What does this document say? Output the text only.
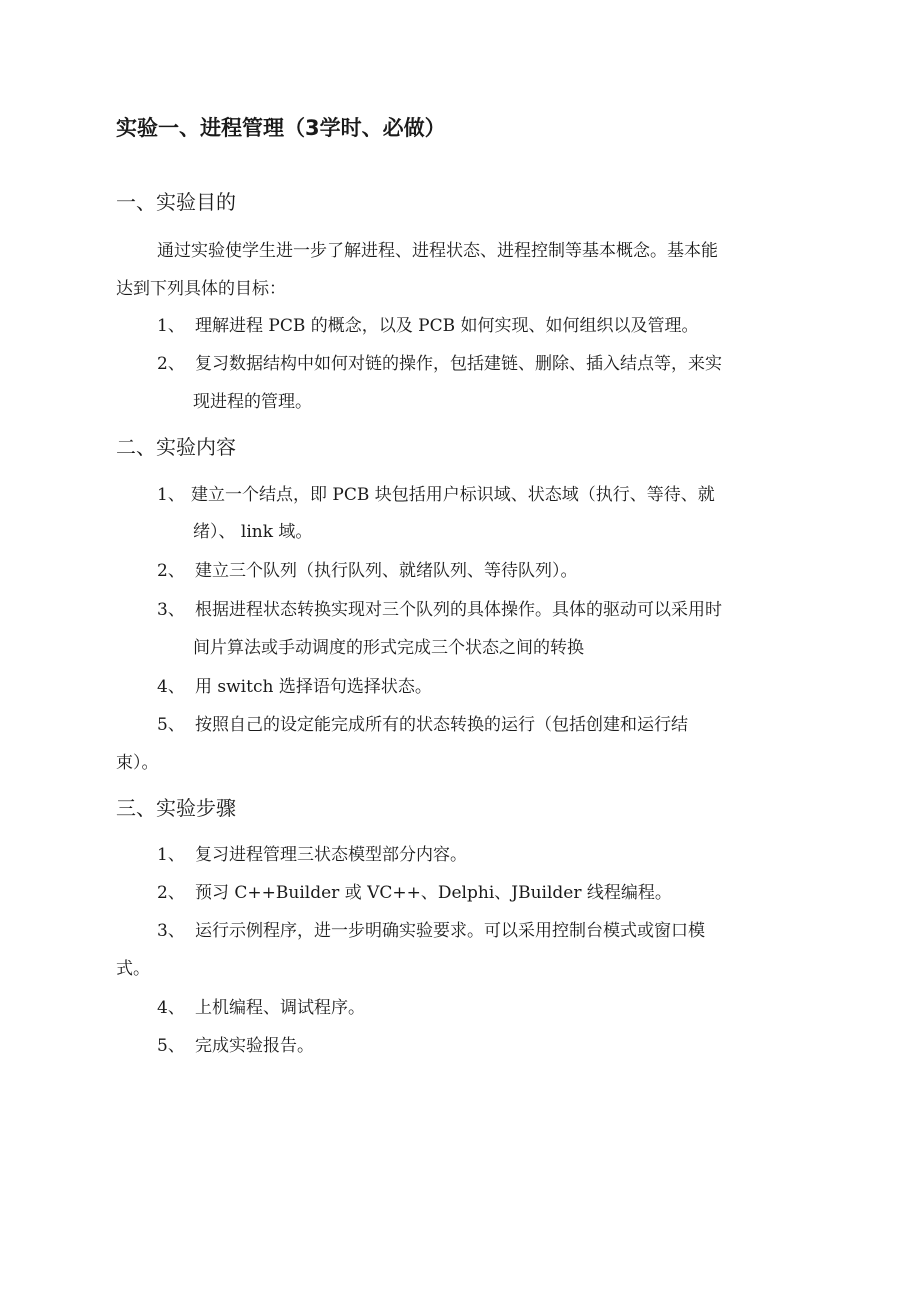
实验一、进程管理（3学时、必做）
一、实验目的
通过实验使学生进一步了解进程、进程状态、进程控制等基本概念。基本能
达到下列具体的目标：
1、 理解进程 PCB 的概念，以及 PCB 如何实现、如何组织以及管理。
2、 复习数据结构中如何对链的操作，包括建链、删除、插入结点等，来实
现进程的管理。
二、实验内容
1、 建立一个结点，即 PCB 块包括用户标识域、状态域（执行、等待、就
绪）、 link 域。
2、 建立三个队列（执行队列、就绪队列、等待队列）。
3、 根据进程状态转换实现对三个队列的具体操作。具体的驱动可以采用时
间片算法或手动调度的形式完成三个状态之间的转换
4、 用 switch 选择语句选择状态。
5、 按照自己的设定能完成所有的状态转换的运行（包括创建和运行结
束）。
三、实验步骤
1、 复习进程管理三状态模型部分内容。
2、 预习 C++Builder 或 VC++、Delphi、JBuilder 线程编程。
3、 运行示例程序，进一步明确实验要求。可以采用控制台模式或窗口模
式。
4、 上机编程、调试程序。
5、 完成实验报告。
